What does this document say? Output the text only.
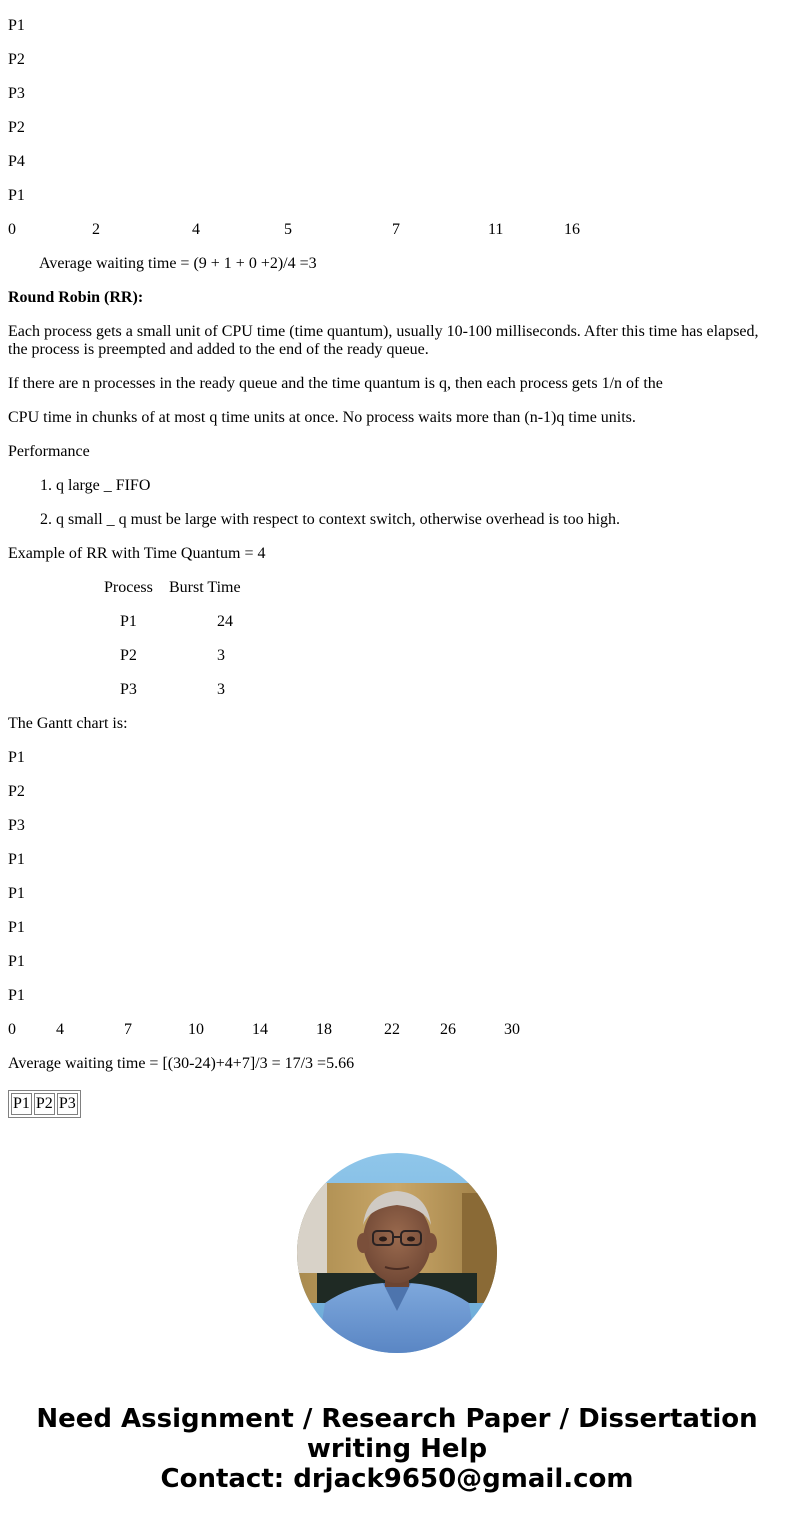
P1
P2
P3
P2
P4
P1
0	2	4	5	7	11	16
Average waiting time = (9 + 1 + 0 +2)/4 =3
Round Robin (RR):
Each process gets a small unit of CPU time (time quantum), usually 10-100 milliseconds. After this time has elapsed, the process is preempted and added to the end of the ready queue.
If there are n processes in the ready queue and the time quantum is q, then each process gets 1/n of the
CPU time in chunks of at most q time units at once. No process waits more than (n-1)q time units.
Performance
1. q large _ FIFO
2. q small _ q must be large with respect to context switch, otherwise overhead is too high.
Example of RR with Time Quantum = 4
Process Burst Time
P1	24
P2	3
P3	3
The Gantt chart is:
P1
P2
P3
P1
P1
P1
P1
P1
0	4	7	10	14	18	22	26	30
Average waiting time = [(30-24)+4+7]/3 = 17/3 =5.66
P1	P2	P3
Need Assignment / Research Paper / Dissertation
writing Help
Contact: drjack9650@gmail.com
